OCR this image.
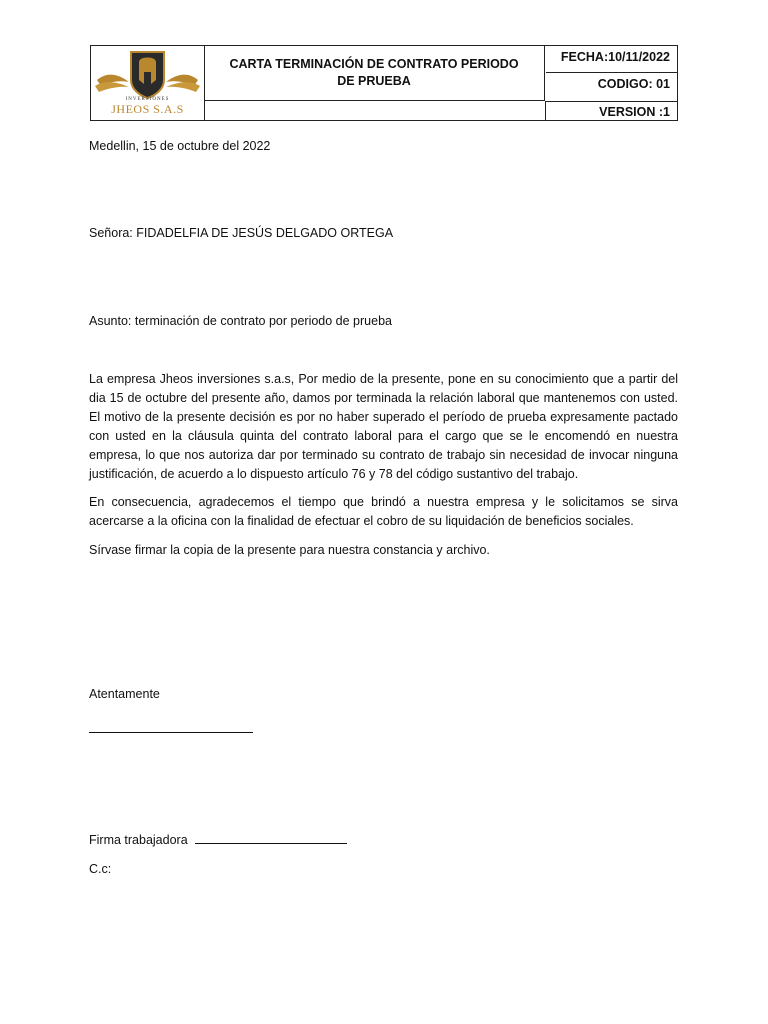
INVERSIONES
JHEOS S.A.S
CARTA TERMINACIÓN DE CONTRATO PERIODO DE PRUEBA
FECHA:10/11/2022
CODIGO: 01
VERSION :1
Medellin, 15 de octubre del 2022
Señora: FIDADELFIA DE JESÚS DELGADO ORTEGA
Asunto: terminación de contrato por periodo de prueba
La empresa Jheos inversiones s.a.s, Por medio de la presente, pone en su conocimiento que a partir del dia 15 de octubre del presente año, damos por terminada la relación laboral que mantenemos con usted. El motivo de la presente decisión es por no haber superado el período de prueba expresamente pactado con usted en la cláusula quinta del contrato laboral para el cargo que se le encomendó en nuestra empresa, lo que nos autoriza dar por terminado su contrato de trabajo sin necesidad de invocar ninguna justificación, de acuerdo a lo dispuesto artículo 76 y 78 del código sustantivo del trabajo.
En consecuencia, agradecemos el tiempo que brindó a nuestra empresa y le solicitamos se sirva acercarse a la oficina con la finalidad de efectuar el cobro de su liquidación de beneficios sociales.
Sírvase firmar la copia de la presente para nuestra constancia y archivo.
Atentamente
Firma trabajadora
C.c:
